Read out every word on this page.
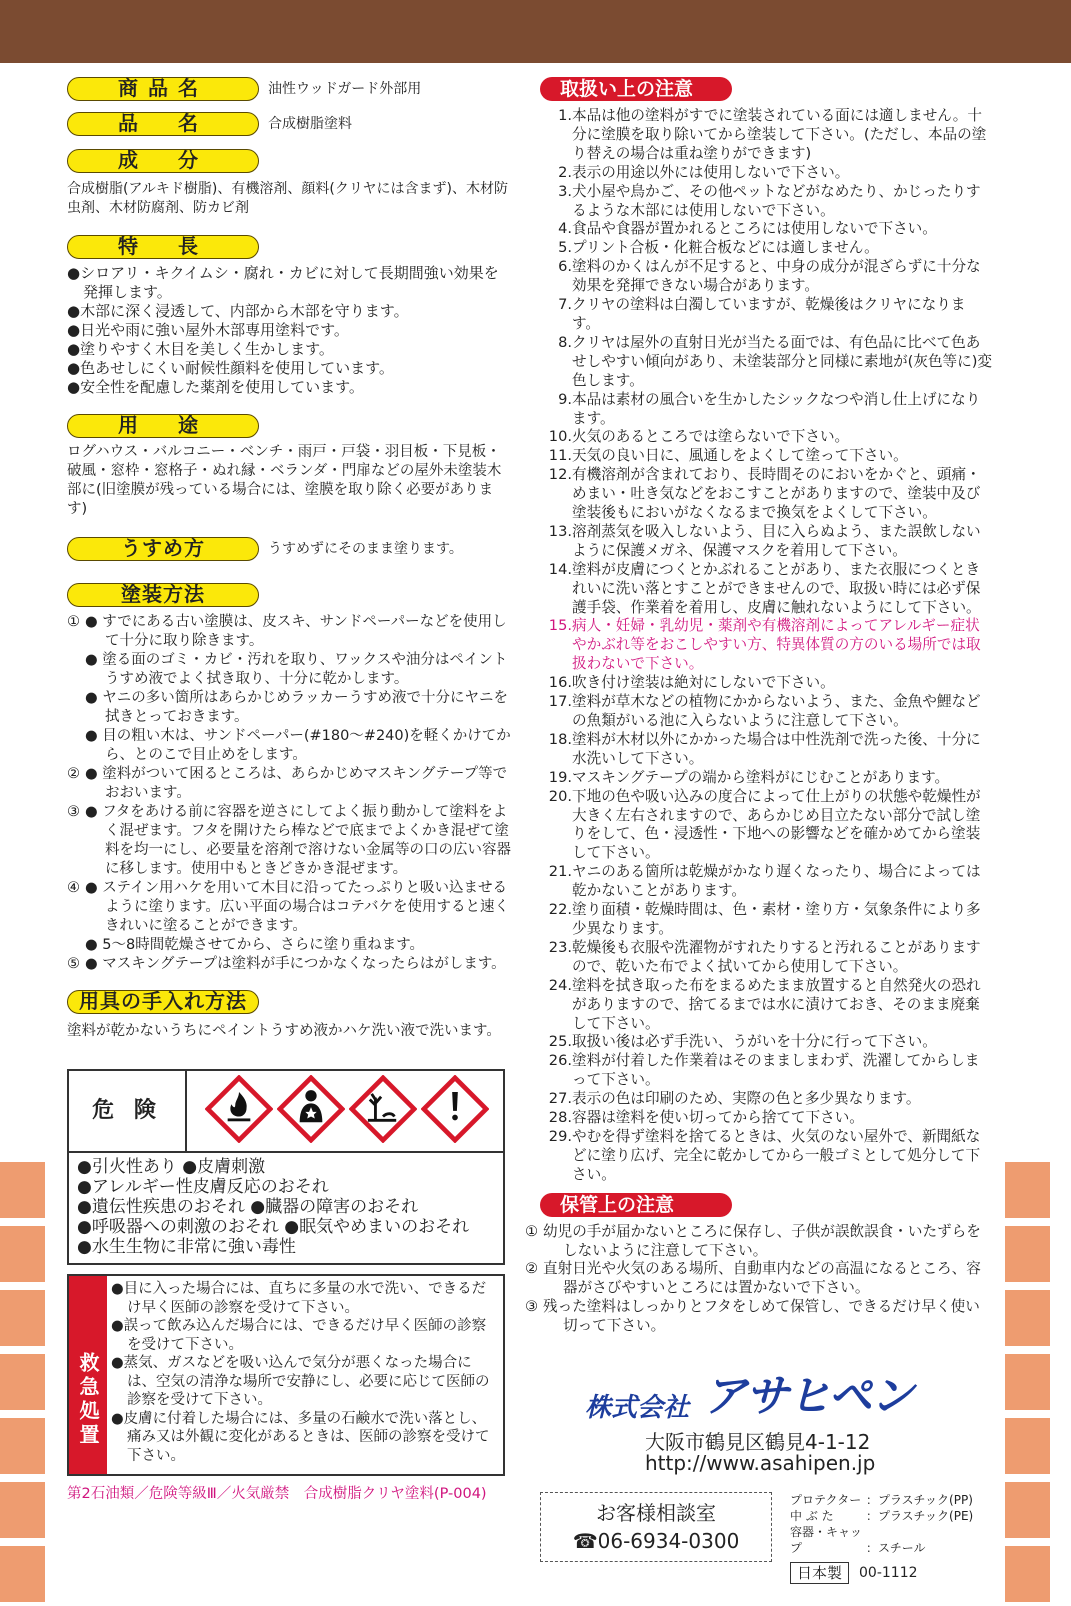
商品名	油性ウッドガード外部用
品　名	合成樹脂塗料
成　分
合成樹脂(アルキド樹脂)、有機溶剤、顔料(クリヤには含まず)、木材防虫剤、木材防腐剤、防カビ剤
特　長
● シロアリ・キクイムシ・腐れ・カビに対して長期間強い効果を発揮します。
● 木部に深く浸透して、内部から木部を守ります。
● 日光や雨に強い屋外木部専用塗料です。
● 塗りやすく木目を美しく生かします。
● 色あせしにくい耐候性顔料を使用しています。
● 安全性を配慮した薬剤を使用しています。
用　途
ログハウス・バルコニー・ベンチ・雨戸・戸袋・羽目板・下見板・破風・窓枠・窓格子・ぬれ縁・ベランダ・門扉などの屋外未塗装木部に(旧塗膜が残っている場合には、塗膜を取り除く必要があります)
うすめ方	うすめずにそのまま塗ります。
塗装方法
① ● すでにある古い塗膜は、皮スキ、サンドペーパーなどを使用して十分に取り除きます。
● 塗る面のゴミ・カビ・汚れを取り、ワックスや油分はペイントうすめ液でよく拭き取り、十分に乾かします。
● ヤニの多い箇所はあらかじめラッカーうすめ液で十分にヤニを拭きとっておきます。
● 目の粗い木は、サンドペーパー(#180〜#240)を軽くかけてから、とのこで目止めをします。
② ● 塗料がついて困るところは、あらかじめマスキングテープ等でおおいます。
③ ● フタをあける前に容器を逆さにしてよく振り動かして塗料をよく混ぜます。フタを開けたら棒などで底までよくかき混ぜて塗料を均一にし、必要量を溶剤で溶けない金属等の口の広い容器に移します。使用中もときどきかき混ぜます。
④ ● ステイン用ハケを用いて木目に沿ってたっぷりと吸い込ませるように塗ります。広い平面の場合はコテバケを使用すると速くきれいに塗ることができます。
● 5〜8時間乾燥させてから、さらに塗り重ねます。
⑤ ● マスキングテープは塗料が手につかなくなったらはがします。
用具の手入れ方法
塗料が乾かないうちにペイントうすめ液かハケ洗い液で洗います。
危 険
●引火性あり ●皮膚刺激
●アレルギー性皮膚反応のおそれ
●遺伝性疾患のおそれ ●臓器の障害のおそれ
●呼吸器への刺激のおそれ ●眠気やめまいのおそれ
●水生生物に非常に強い毒性
救急処置
● 目に入った場合には、直ちに多量の水で洗い、できるだけ早く医師の診察を受けて下さい。
● 誤って飲み込んだ場合には、できるだけ早く医師の診察を受けて下さい。
● 蒸気、ガスなどを吸い込んで気分が悪くなった場合には、空気の清浄な場所で安静にし、必要に応じて医師の診察を受けて下さい。
● 皮膚に付着した場合には、多量の石鹸水で洗い落とし、痛み又は外観に変化があるときは、医師の診察を受けて下さい。
第2石油類／危険等級Ⅲ／火気厳禁　合成樹脂クリヤ塗料(P-004)
取扱い上の注意
1.本品は他の塗料がすでに塗装されている面には適しません。十分に塗膜を取り除いてから塗装して下さい。(ただし、本品の塗り替えの場合は重ね塗りができます)
2.表示の用途以外には使用しないで下さい。
3.犬小屋や鳥かご、その他ペットなどがなめたり、かじったりするような木部には使用しないで下さい。
4.食品や食器が置かれるところには使用しないで下さい。
5.プリント合板・化粧合板などには適しません。
6.塗料のかくはんが不足すると、中身の成分が混ざらずに十分な効果を発揮できない場合があります。
7.クリヤの塗料は白濁していますが、乾燥後はクリヤになります。
8.クリヤは屋外の直射日光が当たる面では、有色品に比べて色あせしやすい傾向があり、未塗装部分と同様に素地が(灰色等に)変色します。
9.本品は素材の風合いを生かしたシックなつや消し仕上げになります。
10.火気のあるところでは塗らないで下さい。
11.天気の良い日に、風通しをよくして塗って下さい。
12.有機溶剤が含まれており、長時間そのにおいをかぐと、頭痛・めまい・吐き気などをおこすことがありますので、塗装中及び塗装後もにおいがなくなるまで換気をよくして下さい。
13.溶剤蒸気を吸入しないよう、目に入らぬよう、また誤飲しないように保護メガネ、保護マスクを着用して下さい。
14.塗料が皮膚につくとかぶれることがあり、また衣服につくときれいに洗い落とすことができませんので、取扱い時には必ず保護手袋、作業着を着用し、皮膚に触れないようにして下さい。
15.病人・妊婦・乳幼児・薬剤や有機溶剤によってアレルギー症状やかぶれ等をおこしやすい方、特異体質の方のいる場所では取扱わないで下さい。
16.吹き付け塗装は絶対にしないで下さい。
17.塗料が草木などの植物にかからないよう、また、金魚や鯉などの魚類がいる池に入らないように注意して下さい。
18.塗料が木材以外にかかった場合は中性洗剤で洗った後、十分に水洗いして下さい。
19.マスキングテープの端から塗料がにじむことがあります。
20.下地の色や吸い込みの度合によって仕上がりの状態や乾燥性が大きく左右されますので、あらかじめ目立たない部分で試し塗りをして、色・浸透性・下地への影響などを確かめてから塗装して下さい。
21.ヤニのある箇所は乾燥がかなり遅くなったり、場合によっては乾かないことがあります。
22.塗り面積・乾燥時間は、色・素材・塗り方・気象条件により多少異なります。
23.乾燥後も衣服や洗濯物がすれたりすると汚れることがありますので、乾いた布でよく拭いてから使用して下さい。
24.塗料を拭き取った布をまるめたまま放置すると自然発火の恐れがありますので、捨てるまでは水に漬けておき、そのまま廃棄して下さい。
25.取扱い後は必ず手洗い、うがいを十分に行って下さい。
26.塗料が付着した作業着はそのまましまわず、洗濯してからしまって下さい。
27.表示の色は印刷のため、実際の色と多少異なります。
28.容器は塗料を使い切ってから捨てて下さい。
29.やむを得ず塗料を捨てるときは、火気のない屋外で、新聞紙などに塗り広げ、完全に乾かしてから一般ゴミとして処分して下さい。
保管上の注意
① 幼児の手が届かないところに保存し、子供が誤飲誤食・いたずらをしないように注意して下さい。
② 直射日光や火気のある場所、自動車内などの高温になるところ、容器がさびやすいところには置かないで下さい。
③ 残った塗料はしっかりとフタをしめて保管し、できるだけ早く使い切って下さい。
株式会社 アサヒペン
大阪市鶴見区鶴見4-1-12
http://www.asahipen.jp
お客様相談室
☎06-6934-0300
プロテクター ：プラスチック(PP)
中 ぶ た	：プラスチック(PE)
容器・キャップ	：スチール
日本製	00-1112
